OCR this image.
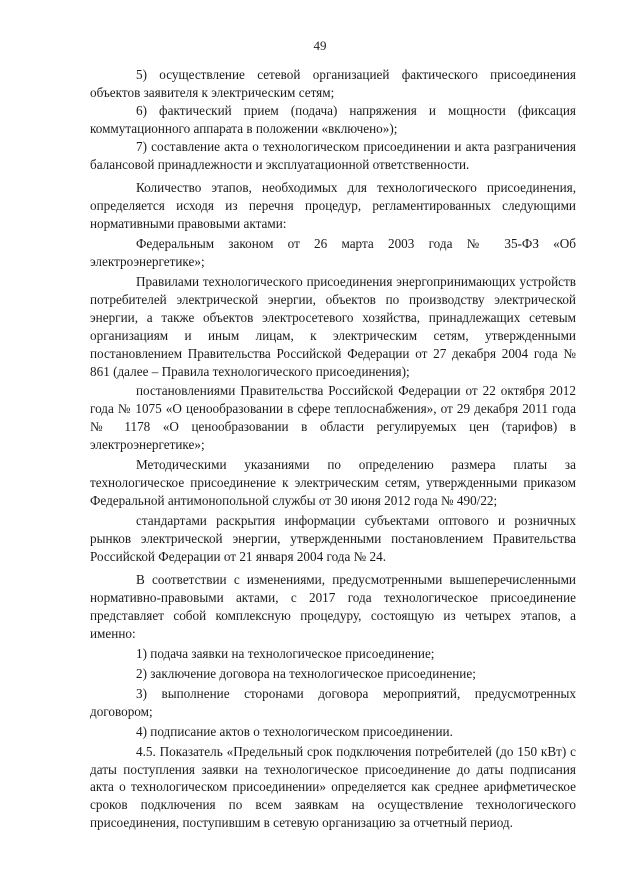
49

5) осуществление сетевой организацией фактического присоединения объектов заявителя к электрическим сетям;

6) фактический прием (подача) напряжения и мощности (фиксация коммутационного аппарата в положении «включено»);

7) составление акта о технологическом присоединении и акта разграничения балансовой принадлежности и эксплуатационной ответственности.

Количество этапов, необходимых для технологического присоединения, определяется исходя из перечня процедур, регламентированных следующими нормативными правовыми актами:

Федеральным законом от 26 марта 2003 года № 35-ФЗ «Об электроэнергетике»;

Правилами технологического присоединения энергопринимающих устройств потребителей электрической энергии, объектов по производству электрической энергии, а также объектов электросетевого хозяйства, принадлежащих сетевым организациям и иным лицам, к электрическим сетям, утвержденными постановлением Правительства Российской Федерации от 27 декабря 2004 года № 861 (далее – Правила технологического присоединения);

постановлениями Правительства Российской Федерации от 22 октября 2012 года № 1075 «О ценообразовании в сфере теплоснабжения», от 29 декабря 2011 года № 1178 «О ценообразовании в области регулируемых цен (тарифов) в электроэнергетике»;

Методическими указаниями по определению размера платы за технологическое присоединение к электрическим сетям, утвержденными приказом Федеральной антимонопольной службы от 30 июня 2012 года № 490/22;

стандартами раскрытия информации субъектами оптового и розничных рынков электрической энергии, утвержденными постановлением Правительства Российской Федерации от 21 января 2004 года № 24.

В соответствии с изменениями, предусмотренными вышеперечисленными нормативно-правовыми актами, с 2017 года технологическое присоединение представляет собой комплексную процедуру, состоящую из четырех этапов, а именно:

1) подача заявки на технологическое присоединение;

2) заключение договора на технологическое присоединение;

3) выполнение сторонами договора мероприятий, предусмотренных договором;

4) подписание актов о технологическом присоединении.

4.5. Показатель «Предельный срок подключения потребителей (до 150 кВт) с даты поступления заявки на технологическое присоединение до даты подписания акта о технологическом присоединении» определяется как среднее арифметическое сроков подключения по всем заявкам на осуществление технологического присоединения, поступившим в сетевую организацию за отчетный период.
